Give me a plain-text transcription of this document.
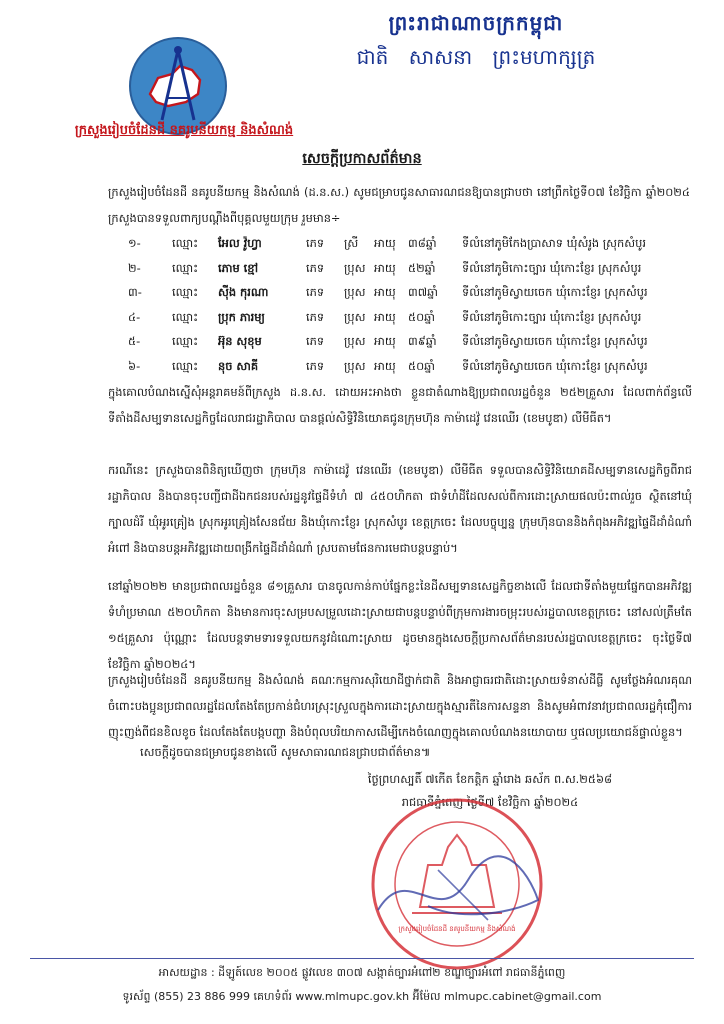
ព្រះរាជាណាចក្រកម្ពុជា
ជាតិ សាសនា ព្រះមហាក្សត្រ
ក្រសួងរៀបចំដែនដី នគរូបនីយកម្ម និងសំណង់
សេចក្តីប្រកាសព័ត៌មាន
ក្រសួងរៀបចំដែនដី នគរូបនីយកម្ម និងសំណង់ (ដ.ន.ស.) សូមជម្រាបជូនសាធារណជនឱ្យបានជ្រាបថា នៅព្រឹកថ្ងៃទី០៧ ខែវិច្ឆិកា ឆ្នាំ២០២៤ ក្រសួងបានទទួលពាក្យបណ្តឹងពីបុគ្គលមួយក្រុម រួមមាន÷
១-	ឈ្មោះ អែល វ៉ូហ្វា	ភេទ ស្រី អាយុ ៣៨ឆ្នាំ ទីលំនៅភូមិកែងប្រាសាទ ឃុំសំរូង ស្រុកសំបូរ
២-	ឈ្មោះ ភោម ខ្មៅ	ភេទ ប្រុស អាយុ ៥២ឆ្នាំ ទីលំនៅភូមិកោះច្បារ ឃុំកោះខ្ញែរ ស្រុកសំបូរ
៣-	ឈ្មោះ ស៊ីង កុរណា	ភេទ ប្រុស អាយុ ៣៧ឆ្នាំ ទីលំនៅភូមិស្វាយចេក ឃុំកោះខ្ញែរ ស្រុកសំបូរ
៤-	ឈ្មោះ ប្រុក ភារម្យ	ភេទ ប្រុស អាយុ ៥០ឆ្នាំ ទីលំនៅភូមិកោះច្បារ ឃុំកោះខ្ញែរ ស្រុកសំបូរ
៥-	ឈ្មោះ អ៊ុន សុខុម	ភេទ ប្រុស អាយុ ៣៩ឆ្នាំ ទីលំនៅភូមិស្វាយចេក ឃុំកោះខ្ញែរ ស្រុកសំបូរ
៦-	ឈ្មោះ នុច សាគី	ភេទ ប្រុស អាយុ ៥០ឆ្នាំ ទីលំនៅភូមិស្វាយចេក ឃុំកោះខ្ញែរ ស្រុកសំបូរ
ក្នុងគោលបំណងស្នើសុំអន្តរាគមន៍ពីក្រសួង ដ.ន.ស. ដោយអះអាងថា ខ្លួនជាតំណាងឱ្យប្រជាពលរដ្ឋចំនួន ២៥២គ្រួសារ ដែលពាក់ព័ន្ធលើទីតាំងដីសម្បទានសេដ្ឋកិច្ចដែលរាជរដ្ឋាភិបាល បានផ្តល់សិទ្ធិវិនិយោគជូនក្រុមហ៊ុន កាម៉ាដេវ៉ូ វេនឈើរ (ខេមបូឌា) លីមីធីត។
ករណីនេះ ក្រសួងបានពិនិត្យឃើញថា ក្រុមហ៊ុន កាម៉ាដេវ៉ូ វេនឈើរ (ខេមបូឌា) លីមីធីត ទទួលបានសិទ្ធិវិនិយោគដីសម្បទានសេដ្ឋកិច្ចពីរាជរដ្ឋាភិបាល និងបានចុះបញ្ជីជាដីឯកជនរបស់រដ្ឋនូវផ្ទៃដីទំហំ ៧ ៤៥០ហិកតា ជាទំហំដីដែលសល់ពីការដោះស្រាយផលប៉ះពាល់រួច ស្ថិតនៅឃុំក្បាលដំរី ឃុំអូរគ្រៀង ស្រុកអូរគ្រៀងសែនជ័យ និងឃុំកោះខ្ញែរ ស្រុកសំបូរ ខេត្តក្រចេះ ដែលបច្ចុប្បន្ន ក្រុមហ៊ុនបាននិងកំពុងអភិវឌ្ឍផ្ទៃដីដាំដំណាំអំពៅ និងបានបន្តអភិវឌ្ឍដោយពង្រីកផ្ទៃដីដាំដំណាំ ស្របតាមផែនការមេជាបន្តបន្ទាប់។
នៅឆ្នាំ២០២២ មានប្រជាពលរដ្ឋចំនួន ៨១គ្រួសារ បានចូលកាន់កាប់ផ្នែកខ្លះនៃដីសម្បទានសេដ្ឋកិច្ចខាងលើ ដែលជាទីតាំងមួយផ្នែកបានអភិវឌ្ឍទំហំប្រមាណ ៥២០ហិកតា និងមានការចុះសម្របសម្រួលដោះស្រាយជាបន្តបន្ទាប់ពីក្រុមការងារចម្រុះរបស់រដ្ឋបាលខេត្តក្រចេះ នៅសល់ត្រឹមតែ ១៥គ្រួសារ ប៉ុណ្ណោះ ដែលបន្តទាមទារទទួលយកនូវដំណោះស្រាយ ដូចមានក្នុងសេចក្តីប្រកាសព័ត៌មានរបស់រដ្ឋបាលខេត្តក្រចេះ ចុះថ្ងៃទី៧ ខែវិច្ឆិកា ឆ្នាំ២០២៤។
ក្រសួងរៀបចំដែនដី នគរូបនីយកម្ម និងសំណង់ គណៈកម្មការសុរិយោដីថ្នាក់ជាតិ និងអាជ្ញាធរជាតិដោះស្រាយទំនាស់ដីធ្លី សូមថ្លែងអំណរគុណចំពោះបងប្អូនប្រជាពលរដ្ឋដែលតែងតែប្រកាន់ជំហរស្រុះស្រួលក្នុងការដោះស្រាយក្នុងស្មារតីនៃការសន្ទនា និងសូមអំពាវនាវប្រជាពលរដ្ឋកុំជឿការញុះញង់ពីជនខិលខូច ដែលតែងតែបង្កបញ្ហា និងបំពុលបរិយាកាសដើម្បីកេងចំណេញក្នុងគោលបំណងនយោបាយ ឬផលប្រយោជន៍ផ្ទាល់ខ្លួន។
សេចក្តីដូចបានជម្រាបជូនខាងលើ សូមសាធារណជនជ្រាបជាព័ត៌មាន៕
ថ្ងៃព្រហស្បតិ៍ ៧កើត ខែកត្តិក ឆ្នាំរោង ឆស័ក ព.ស.២៥៦៨
រាជធានីភ្នំពេញ ថ្ងៃទី៧ ខែវិច្ឆិកា ឆ្នាំ២០២៤
ក្រសួងរៀបចំដែនដី នគរូបនីយកម្ម និងសំណង់
អាសយដ្ឋាន : ដីឡូត៍លេខ ២០០៥ ផ្លូវលេខ ៣០៧ សង្កាត់ច្បារអំពៅ២ ខណ្ឌច្បារអំពៅ រាជធានីភ្នំពេញ
ទូរស័ព្ទ (855) 23 886 999 គេហទំព័រ www.mlmupc.gov.kh អ៊ីម៉ែល mlmupc.cabinet@gmail.com
